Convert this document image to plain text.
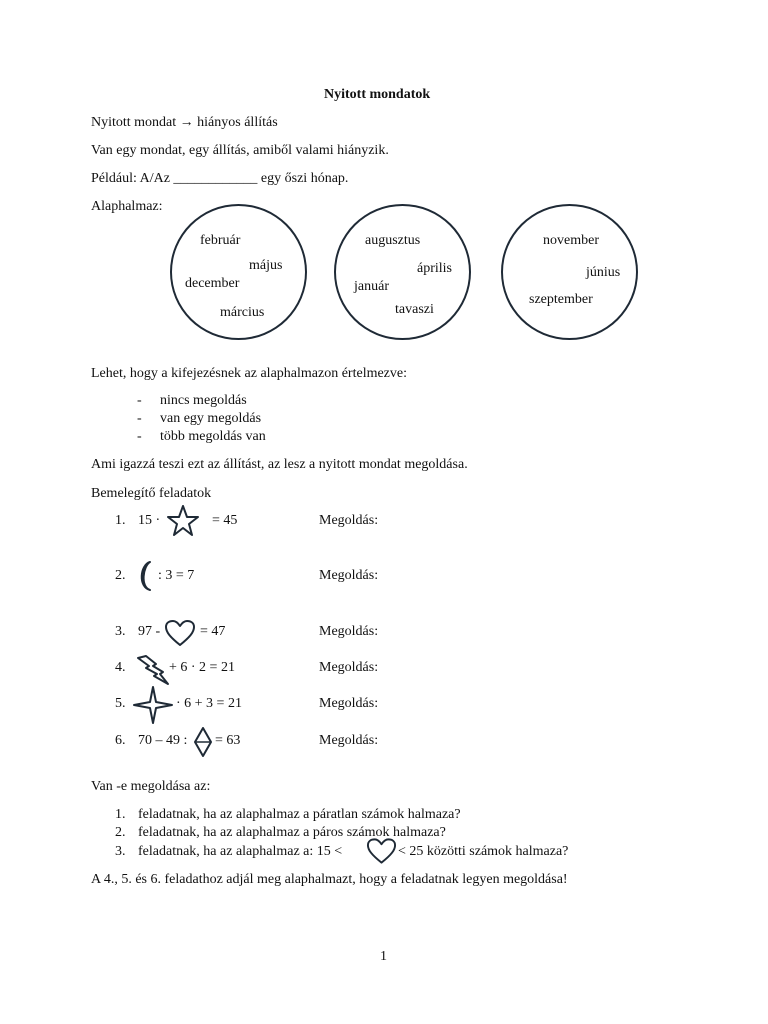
Nyitott mondatok
Nyitott mondat → hiányos állítás
Van egy mondat, egy állítás, amiből valami hiányzik.
Például: A/Az ____________ egy őszi hónap.
Alaphalmaz:
február
május
december
március
augusztus
április
január
tavaszi
november
június
szeptember
Lehet, hogy a kifejezésnek az alaphalmazon értelmezve:
- nincs megoldás
- van egy megoldás
- több megoldás van
Ami igazzá teszi ezt az állítást, az lesz a nyitott mondat megoldása.
Bemelegítő feladatok
1. 15 ·	= 45	Megoldás:
2. : 3 = 7	Megoldás:
3. 97 -	= 47	Megoldás:
4.	+ 6 · 2 = 21	Megoldás:
5.	· 6 + 3 = 21	Megoldás:
6. 70 – 49 : = 63	Megoldás:
Van -e megoldása az:
1. feladatnak, ha az alaphalmaz a páratlan számok halmaza?
2. feladatnak, ha az alaphalmaz a páros számok halmaza?
3. feladatnak, ha az alaphalmaz a: 15 <	< 25 közötti számok halmaza?
A 4., 5. és 6. feladathoz adjál meg alaphalmazt, hogy a feladatnak legyen megoldása!
1
